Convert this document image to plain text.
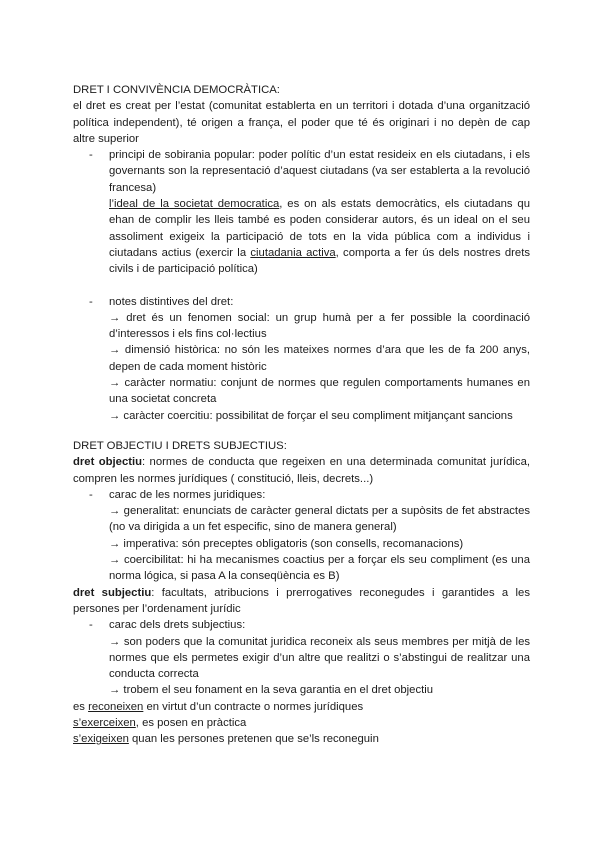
DRET I CONVIVÈNCIA DEMOCRÀTICA:

el dret es creat per l’estat (comunitat establerta en un territori i dotada d’una organització política independent), té origen a frança, el poder que té és originari i no depèn de cap altre superior

- principi de sobirania popular: poder polític d’un estat resideix en els ciutadans, i els governants son la representació d’aquest ciutadans (va ser establerta a la revolució francesa)

l’ideal de la societat democratica, es on als estats democràtics, els ciutadans qu ehan de complir les lleis també es poden considerar autors, és un ideal on el seu assoliment exigeix la participació de tots en la vida pública com a individus i ciutadans actius (exercir la ciutadania activa, comporta a fer ús dels nostres drets civils i de participació política)

- notes distintives del dret:

→ dret és un fenomen social: un grup humà per a fer possible la coordinació d’interessos i els fins col·lectius

→ dimensió històrica: no són les mateixes normes d’ara que les de fa 200 anys, depen de cada moment històric

→ caràcter normatiu: conjunt de normes que regulen comportaments humanes en una societat concreta

→ caràcter coercitiu: possibilitat de forçar el seu compliment mitjançant sancions

DRET OBJECTIU I DRETS SUBJECTIUS:

dret objectiu: normes de conducta que regeixen en una determinada comunitat jurídica, compren les normes jurídiques ( constitució, lleis, decrets...)

- carac de les normes juridiques:

→ generalitat: enunciats de caràcter general dictats per a supòsits de fet abstractes (no va dirigida a un fet especific, sino de manera general)

→ imperativa: són preceptes obligatoris (son consells, recomanacions)

→ coercibilitat: hi ha mecanismes coactius per a forçar els seu compliment (es una norma lógica, si pasa A la conseqüència es B)

dret subjectiu: facultats, atribucions i prerrogatives reconegudes i garantides a les persones per l’ordenament jurídic

- carac dels drets subjectius:

→ son poders que la comunitat juridica reconeix als seus membres per mitjà de les normes que els permetes exigir d’un altre que realitzi o s’abstingui de realitzar una conducta correcta

→ trobem el seu fonament en la seva garantia en el dret objectiu

es reconeixen en virtut d’un contracte o normes jurídiques

s’exerceixen, es posen en pràctica

s’exigeixen quan les persones pretenen que se’ls reconeguin
